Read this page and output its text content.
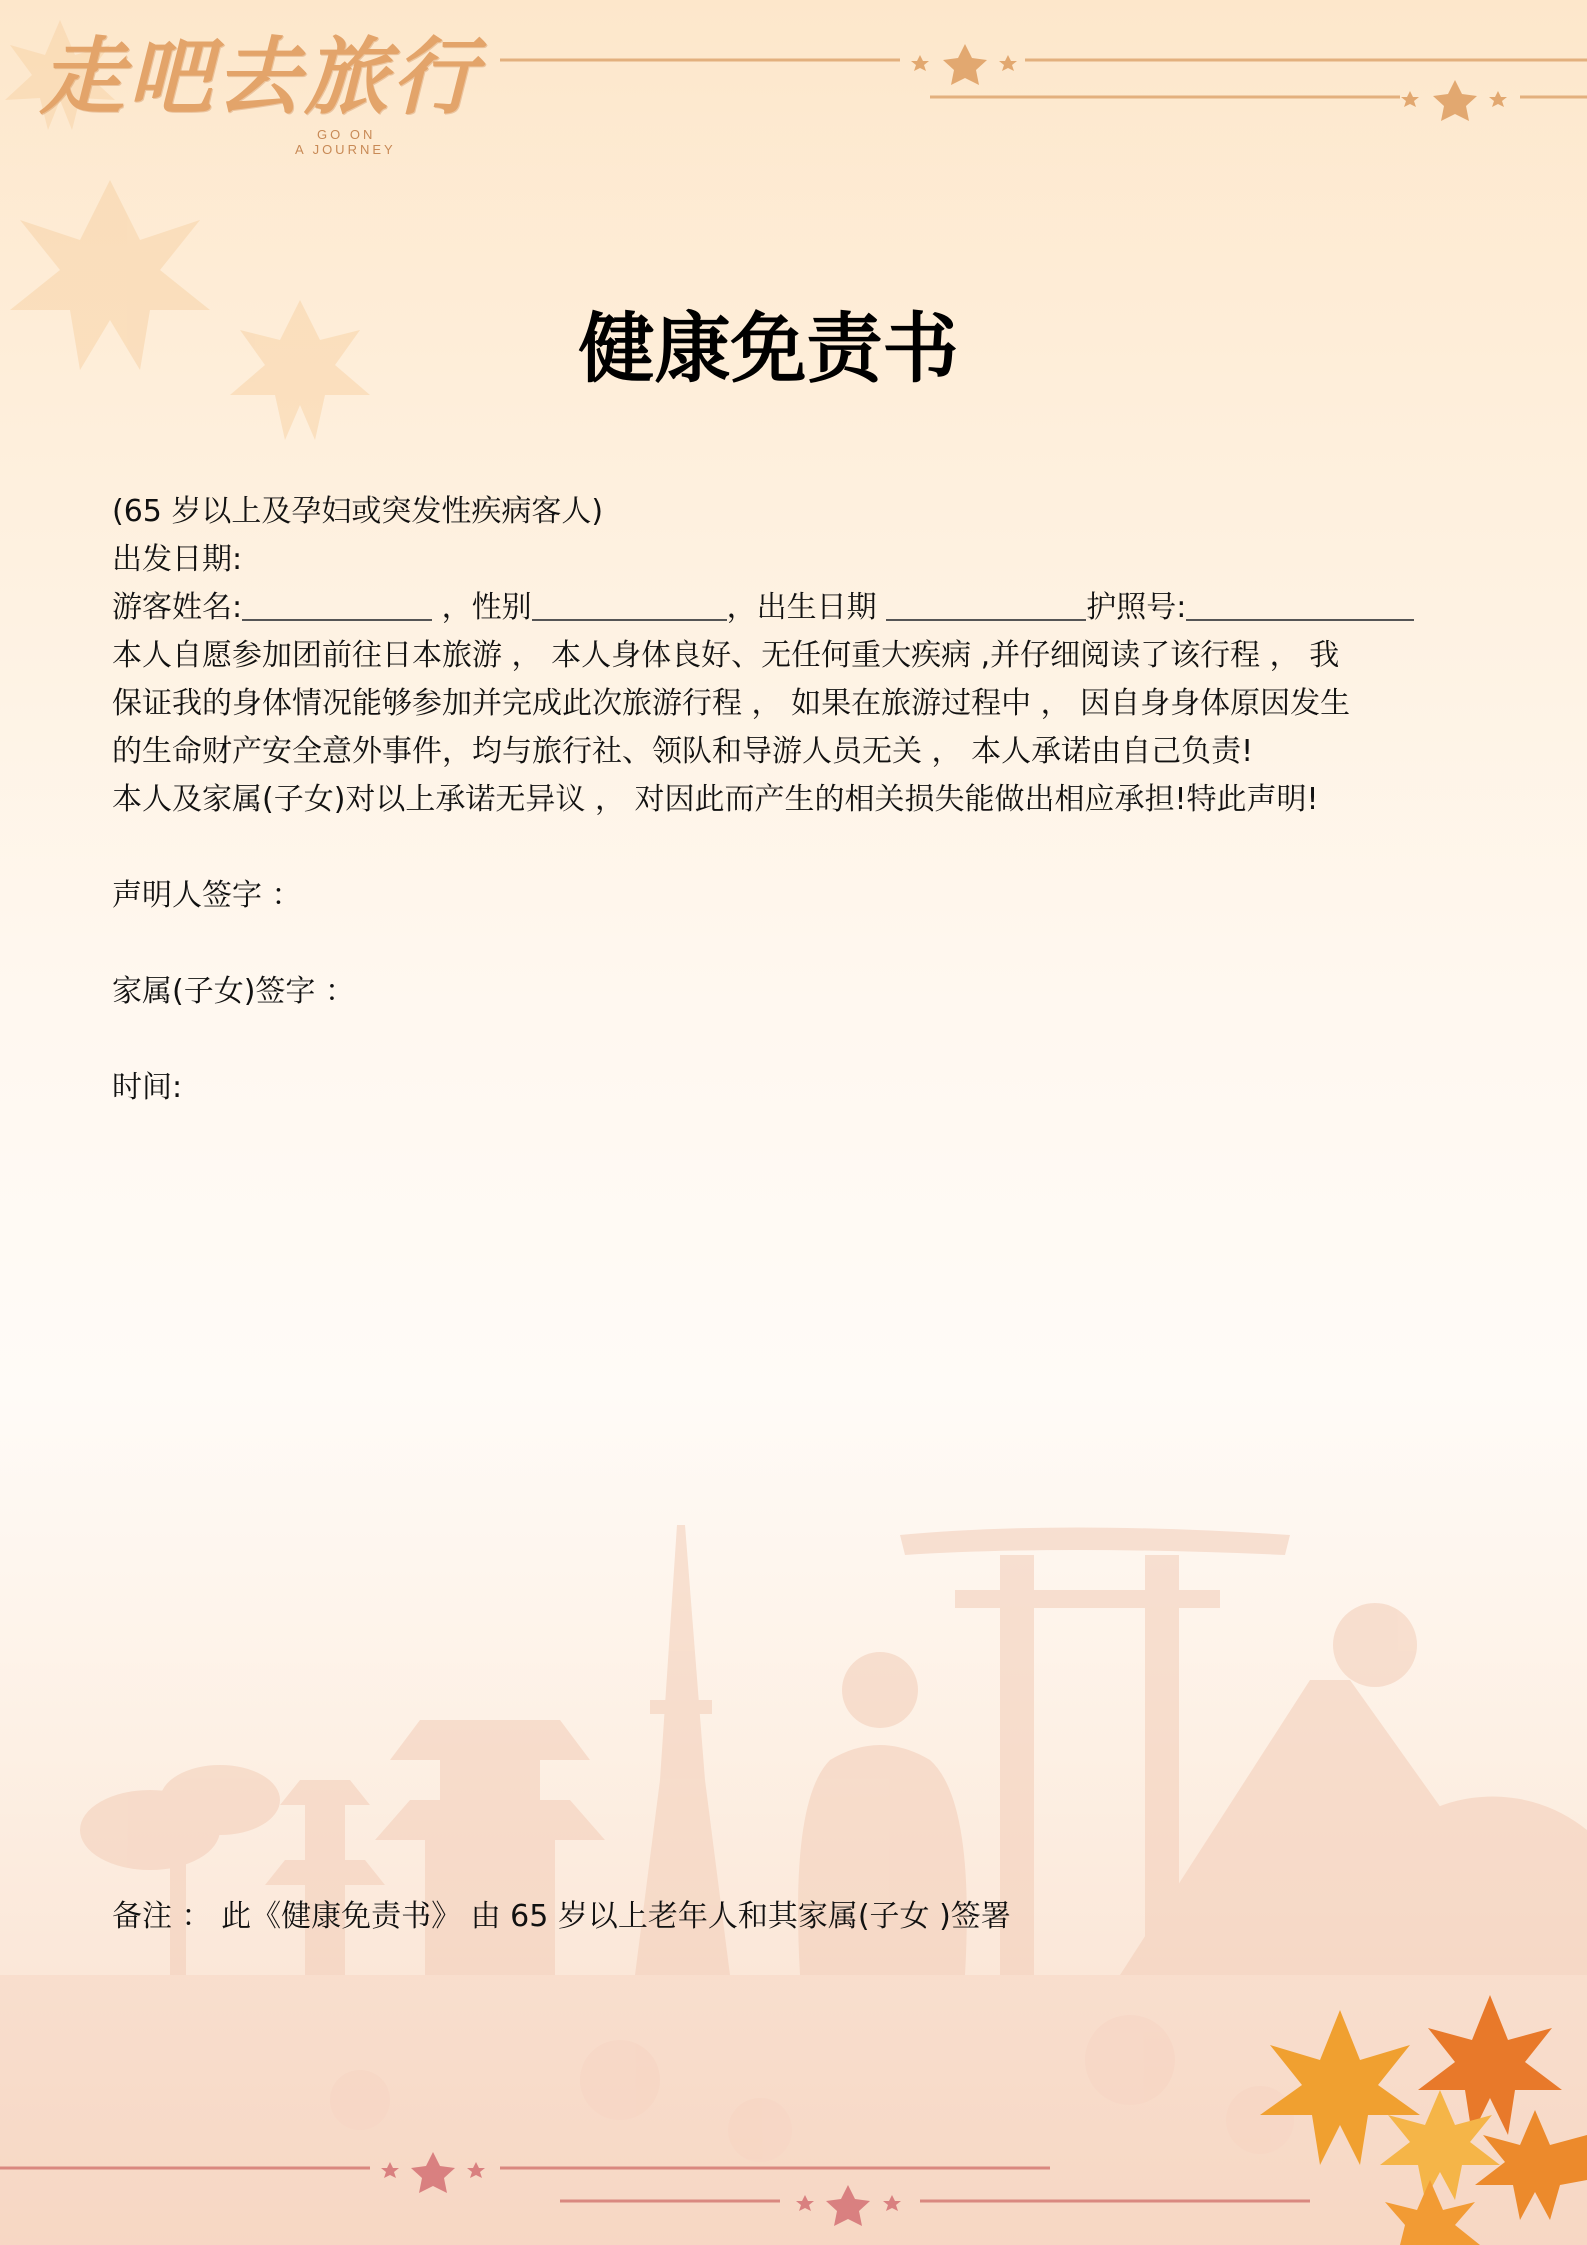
走吧去旅行
GO ON
A JOURNEY
健康免责书
(65 岁以上及孕妇或突发性疾病客人)
出发日期:
游客姓名:	，性别	，出生日期	护照号:
本人自愿参加团前往日本旅游 ， 本人身体良好、无任何重大疾病 ,并仔细阅读了该行程 ， 我
保证我的身体情况能够参加并完成此次旅游行程 ， 如果在旅游过程中 ， 因自身身体原因发生
的生命财产安全意外事件，均与旅行社、领队和导游人员无关 ， 本人承诺由自己负责!
本人及家属(子女)对以上承诺无异议 ， 对因此而产生的相关损失能做出相应承担!特此声明!
声明人签字 ：
家属(子女)签字 ：
时间:
备注 ： 此《健康免责书》 由 65 岁以上老年人和其家属(子女 )签署
